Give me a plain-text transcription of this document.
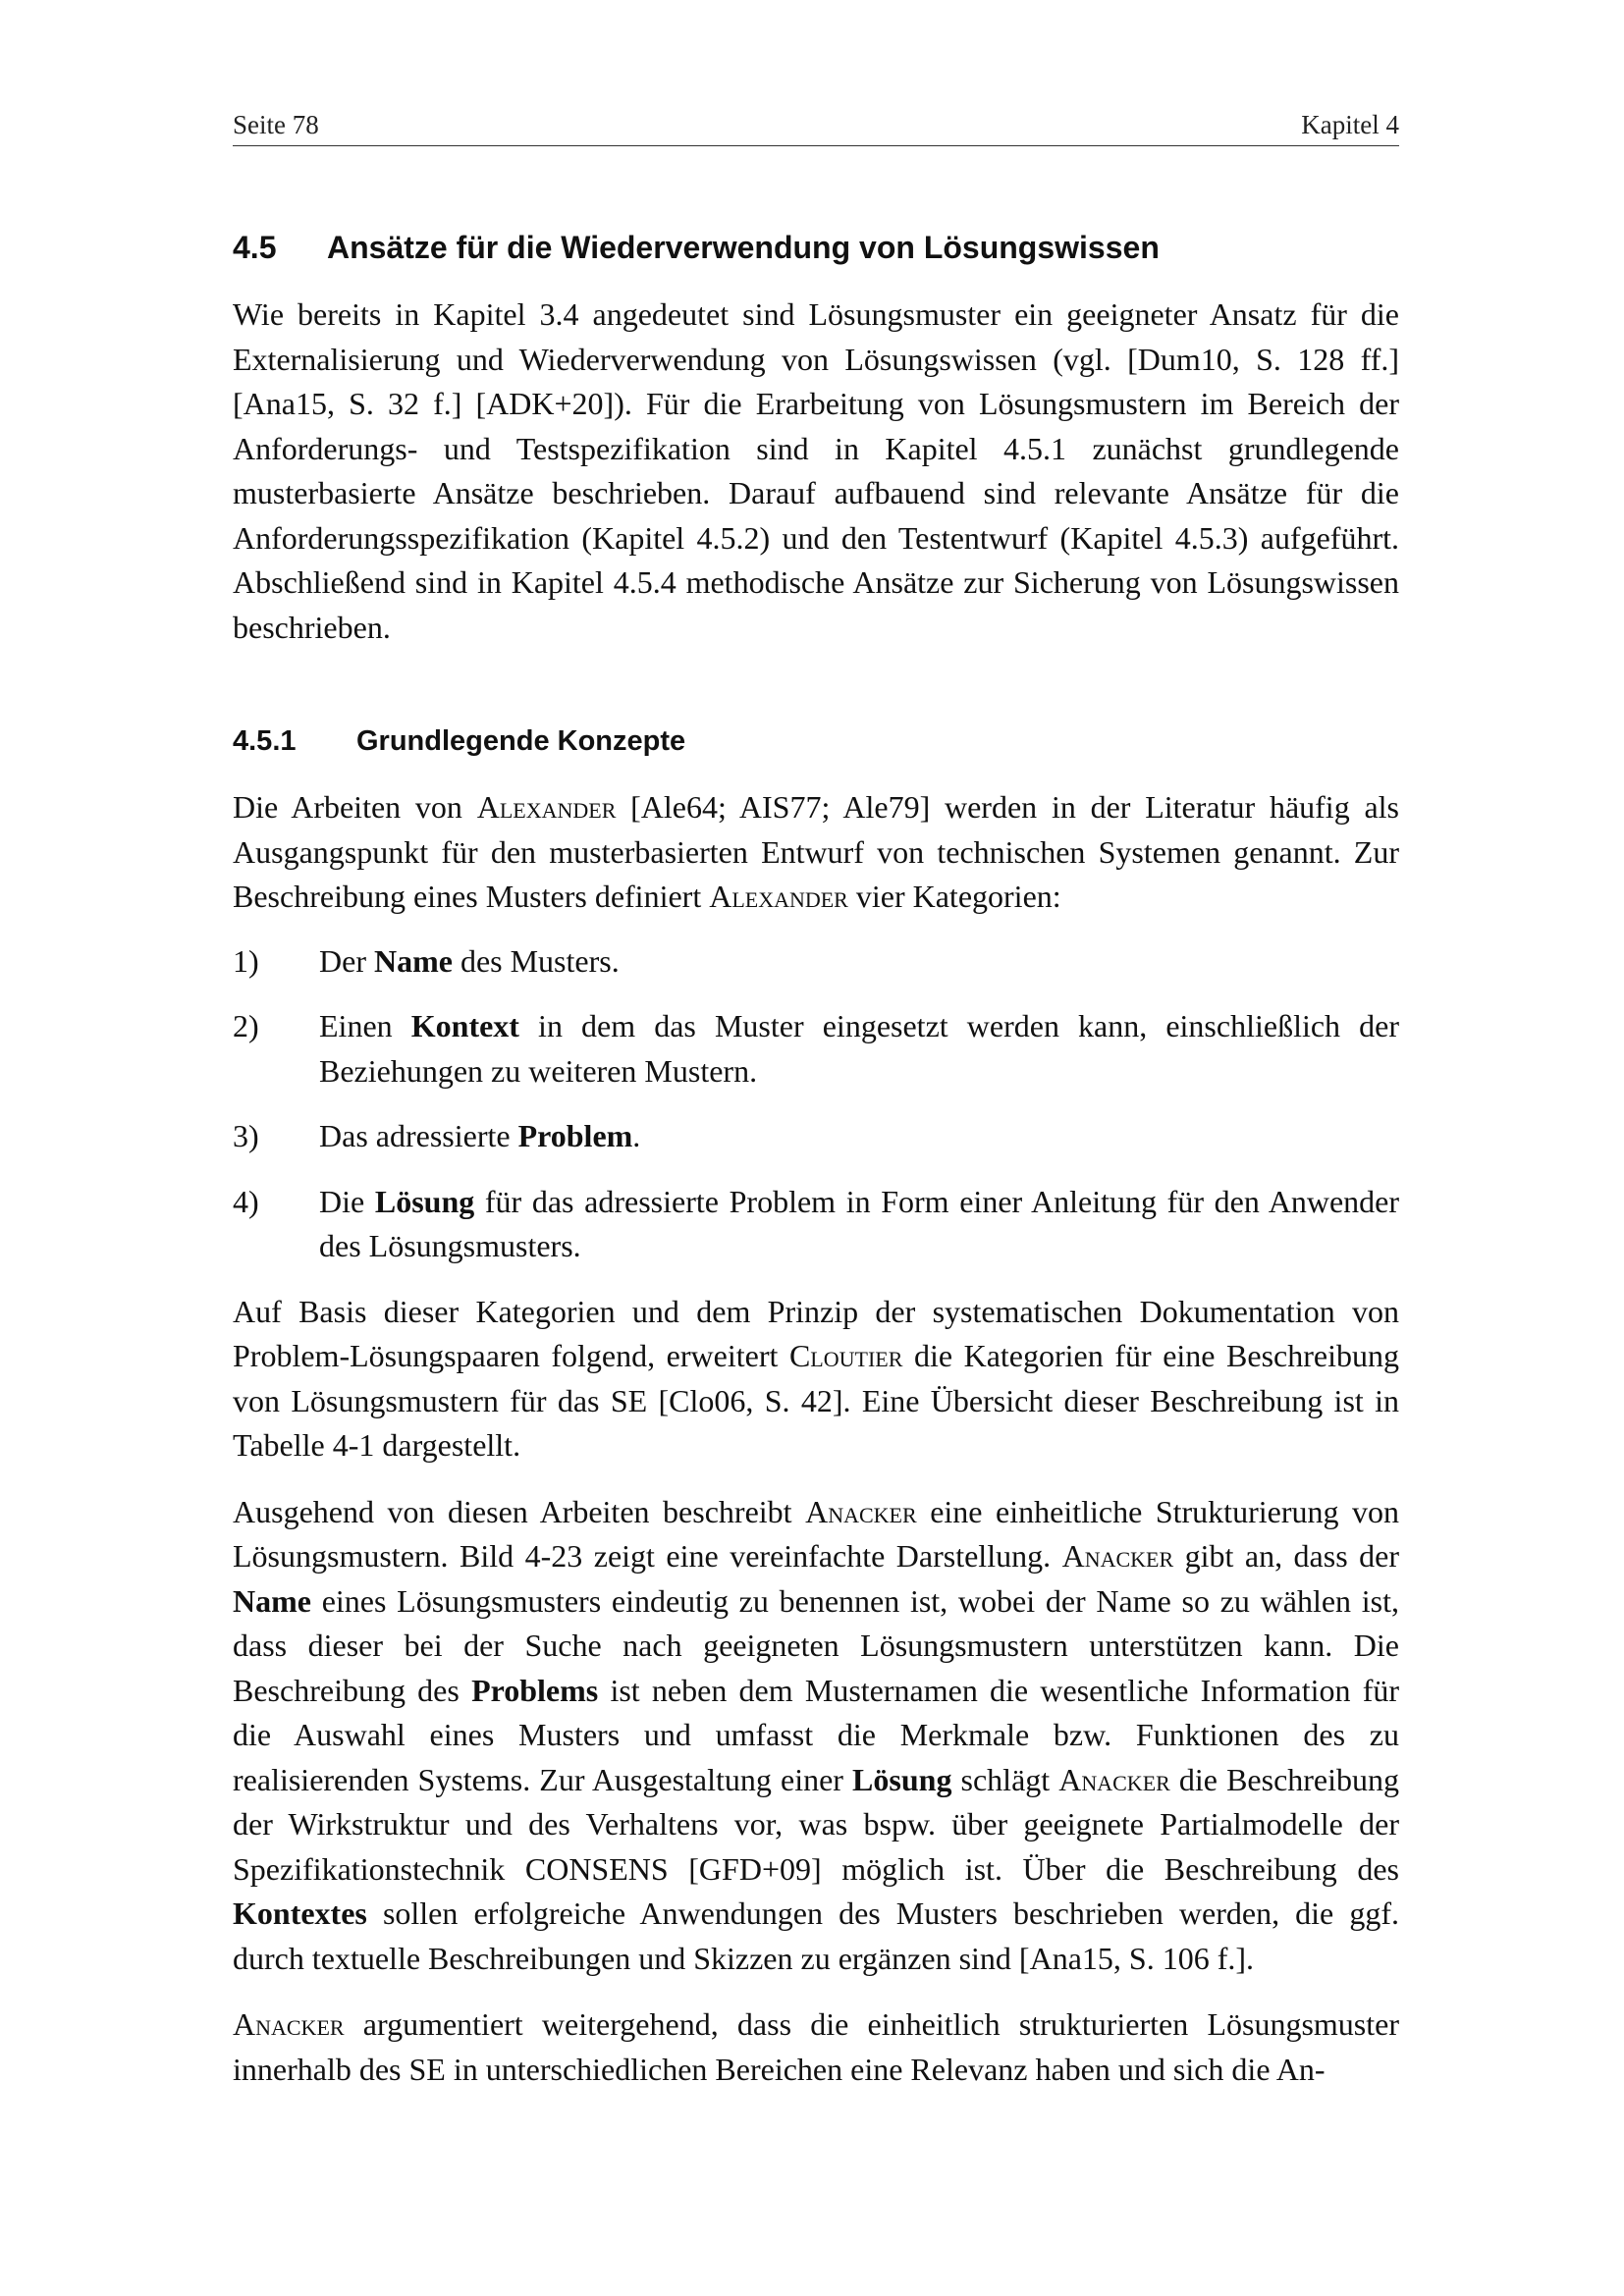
Seite 78	Kapitel 4
4.5 Ansätze für die Wiederverwendung von Lösungswissen

Wie bereits in Kapitel 3.4 angedeutet sind Lösungsmuster ein geeigneter Ansatz für die Externalisierung und Wiederverwendung von Lösungswissen (vgl. [Dum10, S. 128 ff.] [Ana15, S. 32 f.] [ADK+20]). Für die Erarbeitung von Lösungsmustern im Bereich der Anforderungs- und Testspezifikation sind in Kapitel 4.5.1 zunächst grundlegende musterbasierte Ansätze beschrieben. Darauf aufbauend sind relevante Ansätze für die Anforderungsspezifikation (Kapitel 4.5.2) und den Testentwurf (Kapitel 4.5.3) aufgeführt. Abschließend sind in Kapitel 4.5.4 methodische Ansätze zur Sicherung von Lösungswissen beschrieben.

4.5.1 Grundlegende Konzepte

Die Arbeiten von Alexander [Ale64; AIS77; Ale79] werden in der Literatur häufig als Ausgangspunkt für den musterbasierten Entwurf von technischen Systemen genannt. Zur Beschreibung eines Musters definiert Alexander vier Kategorien:

1) Der Name des Musters.
2) Einen Kontext in dem das Muster eingesetzt werden kann, einschließlich der Beziehungen zu weiteren Mustern.
3) Das adressierte Problem.
4) Die Lösung für das adressierte Problem in Form einer Anleitung für den Anwender des Lösungsmusters.

Auf Basis dieser Kategorien und dem Prinzip der systematischen Dokumentation von Problem-Lösungspaaren folgend, erweitert Cloutier die Kategorien für eine Beschreibung von Lösungsmustern für das SE [Clo06, S. 42]. Eine Übersicht dieser Beschreibung ist in Tabelle 4-1 dargestellt.

Ausgehend von diesen Arbeiten beschreibt Anacker eine einheitliche Strukturierung von Lösungsmustern. Bild 4-23 zeigt eine vereinfachte Darstellung. Anacker gibt an, dass der Name eines Lösungsmusters eindeutig zu benennen ist, wobei der Name so zu wählen ist, dass dieser bei der Suche nach geeigneten Lösungsmustern unterstützen kann. Die Beschreibung des Problems ist neben dem Musternamen die wesentliche Information für die Auswahl eines Musters und umfasst die Merkmale bzw. Funktionen des zu realisierenden Systems. Zur Ausgestaltung einer Lösung schlägt Anacker die Beschreibung der Wirkstruktur und des Verhaltens vor, was bspw. über geeignete Partialmodelle der Spezifikationstechnik CONSENS [GFD+09] möglich ist. Über die Beschreibung des Kontextes sollen erfolgreiche Anwendungen des Musters beschrieben werden, die ggf. durch textuelle Beschreibungen und Skizzen zu ergänzen sind [Ana15, S. 106 f.].

Anacker argumentiert weitergehend, dass die einheitlich strukturierten Lösungsmuster innerhalb des SE in unterschiedlichen Bereichen eine Relevanz haben und sich die An-
